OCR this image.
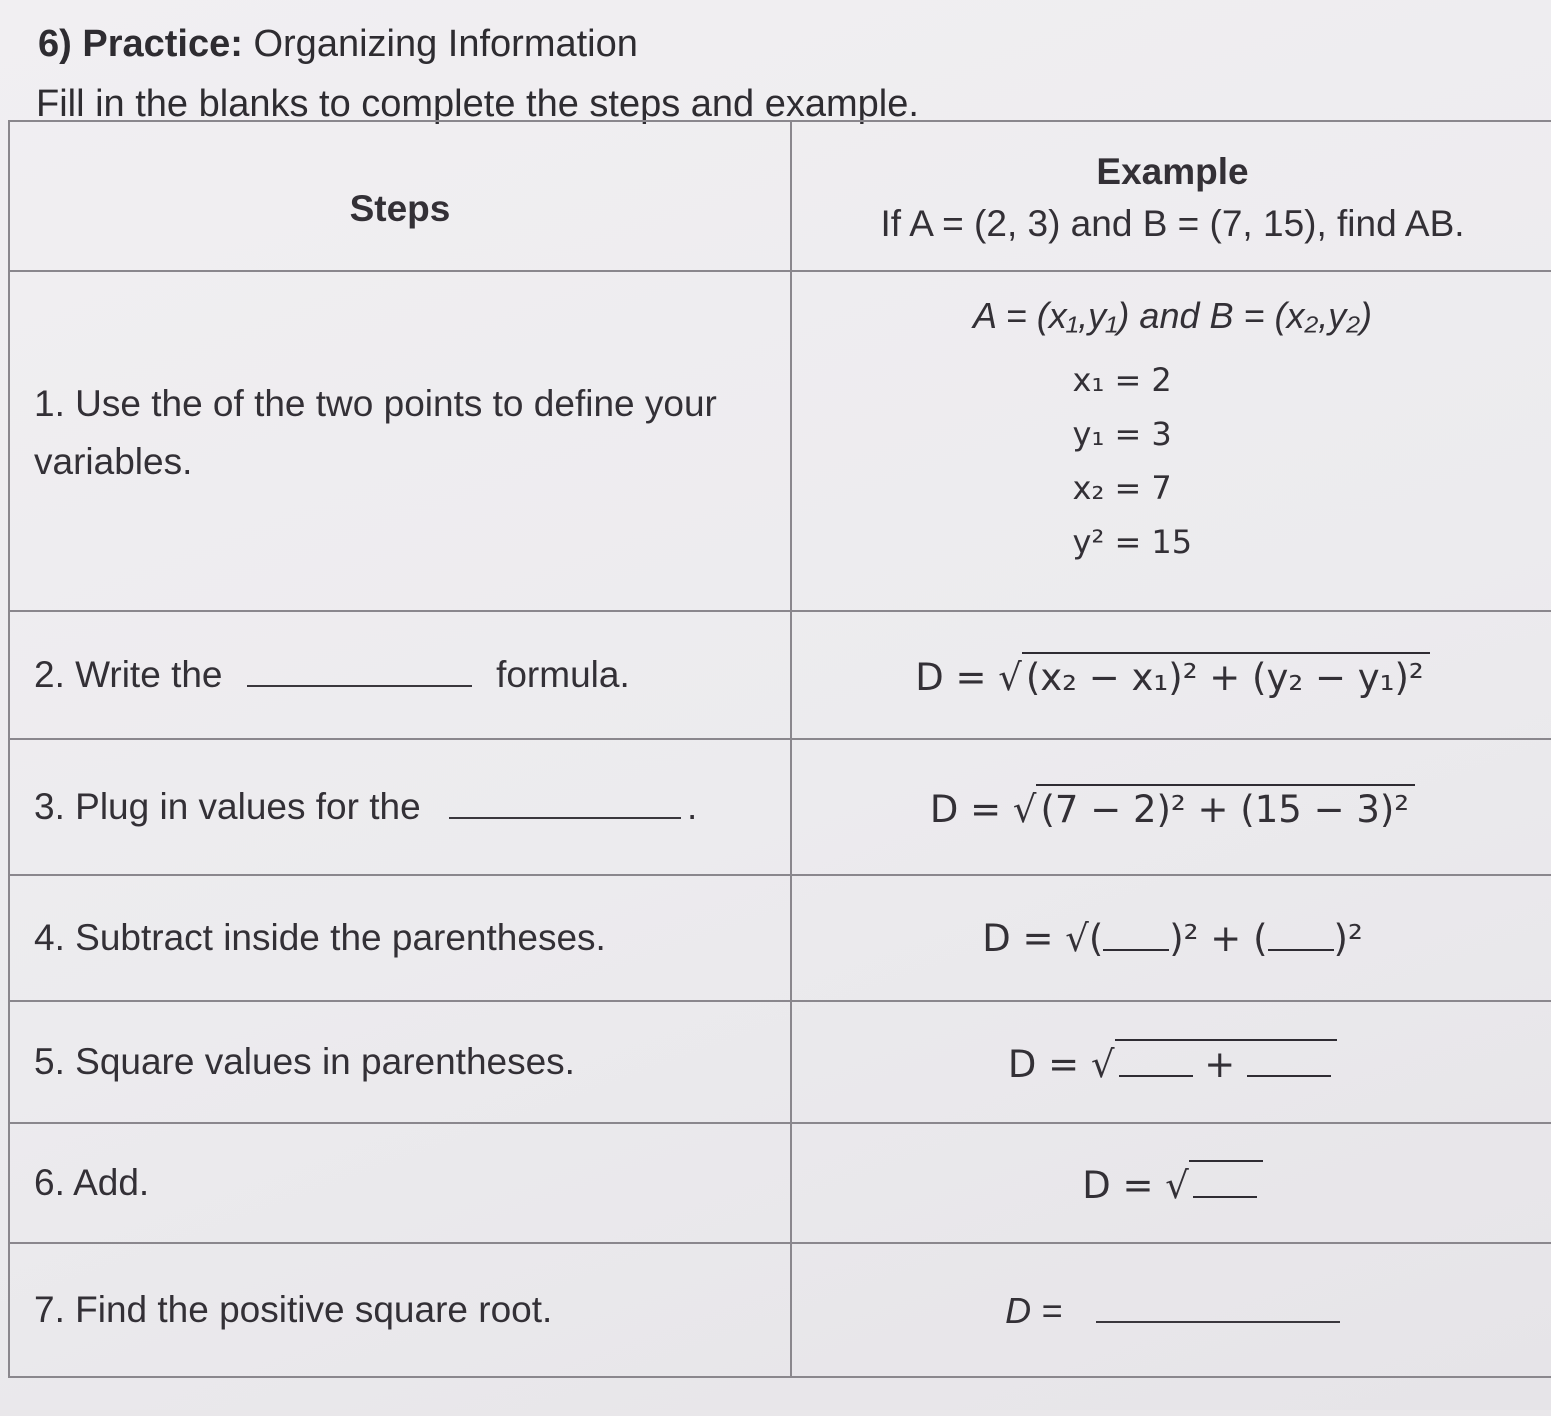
6) Practice: Organizing Information
Fill in the blanks to complete the steps and example.
Steps	Example
If A = (2, 3) and B = (7, 15), find AB.
1. Use the of the two points to define your variables.	A = (x₁,y₁) and B = (x₂,y₂)
x₁ = 2
y₁ = 3
x₂ = 7
y² = 15

2. Write the formula.	D = √ (x₂ − x₁)² + (y₂ − y₁)²
3. Plug in values for the .	D = √ (7 − 2)² + (15 − 3)²
4. Subtract inside the parentheses.	D = √( )² + ( )²
5. Square values in parentheses.	D = √ +
6. Add.	D = √
7. Find the positive square root.	D =
